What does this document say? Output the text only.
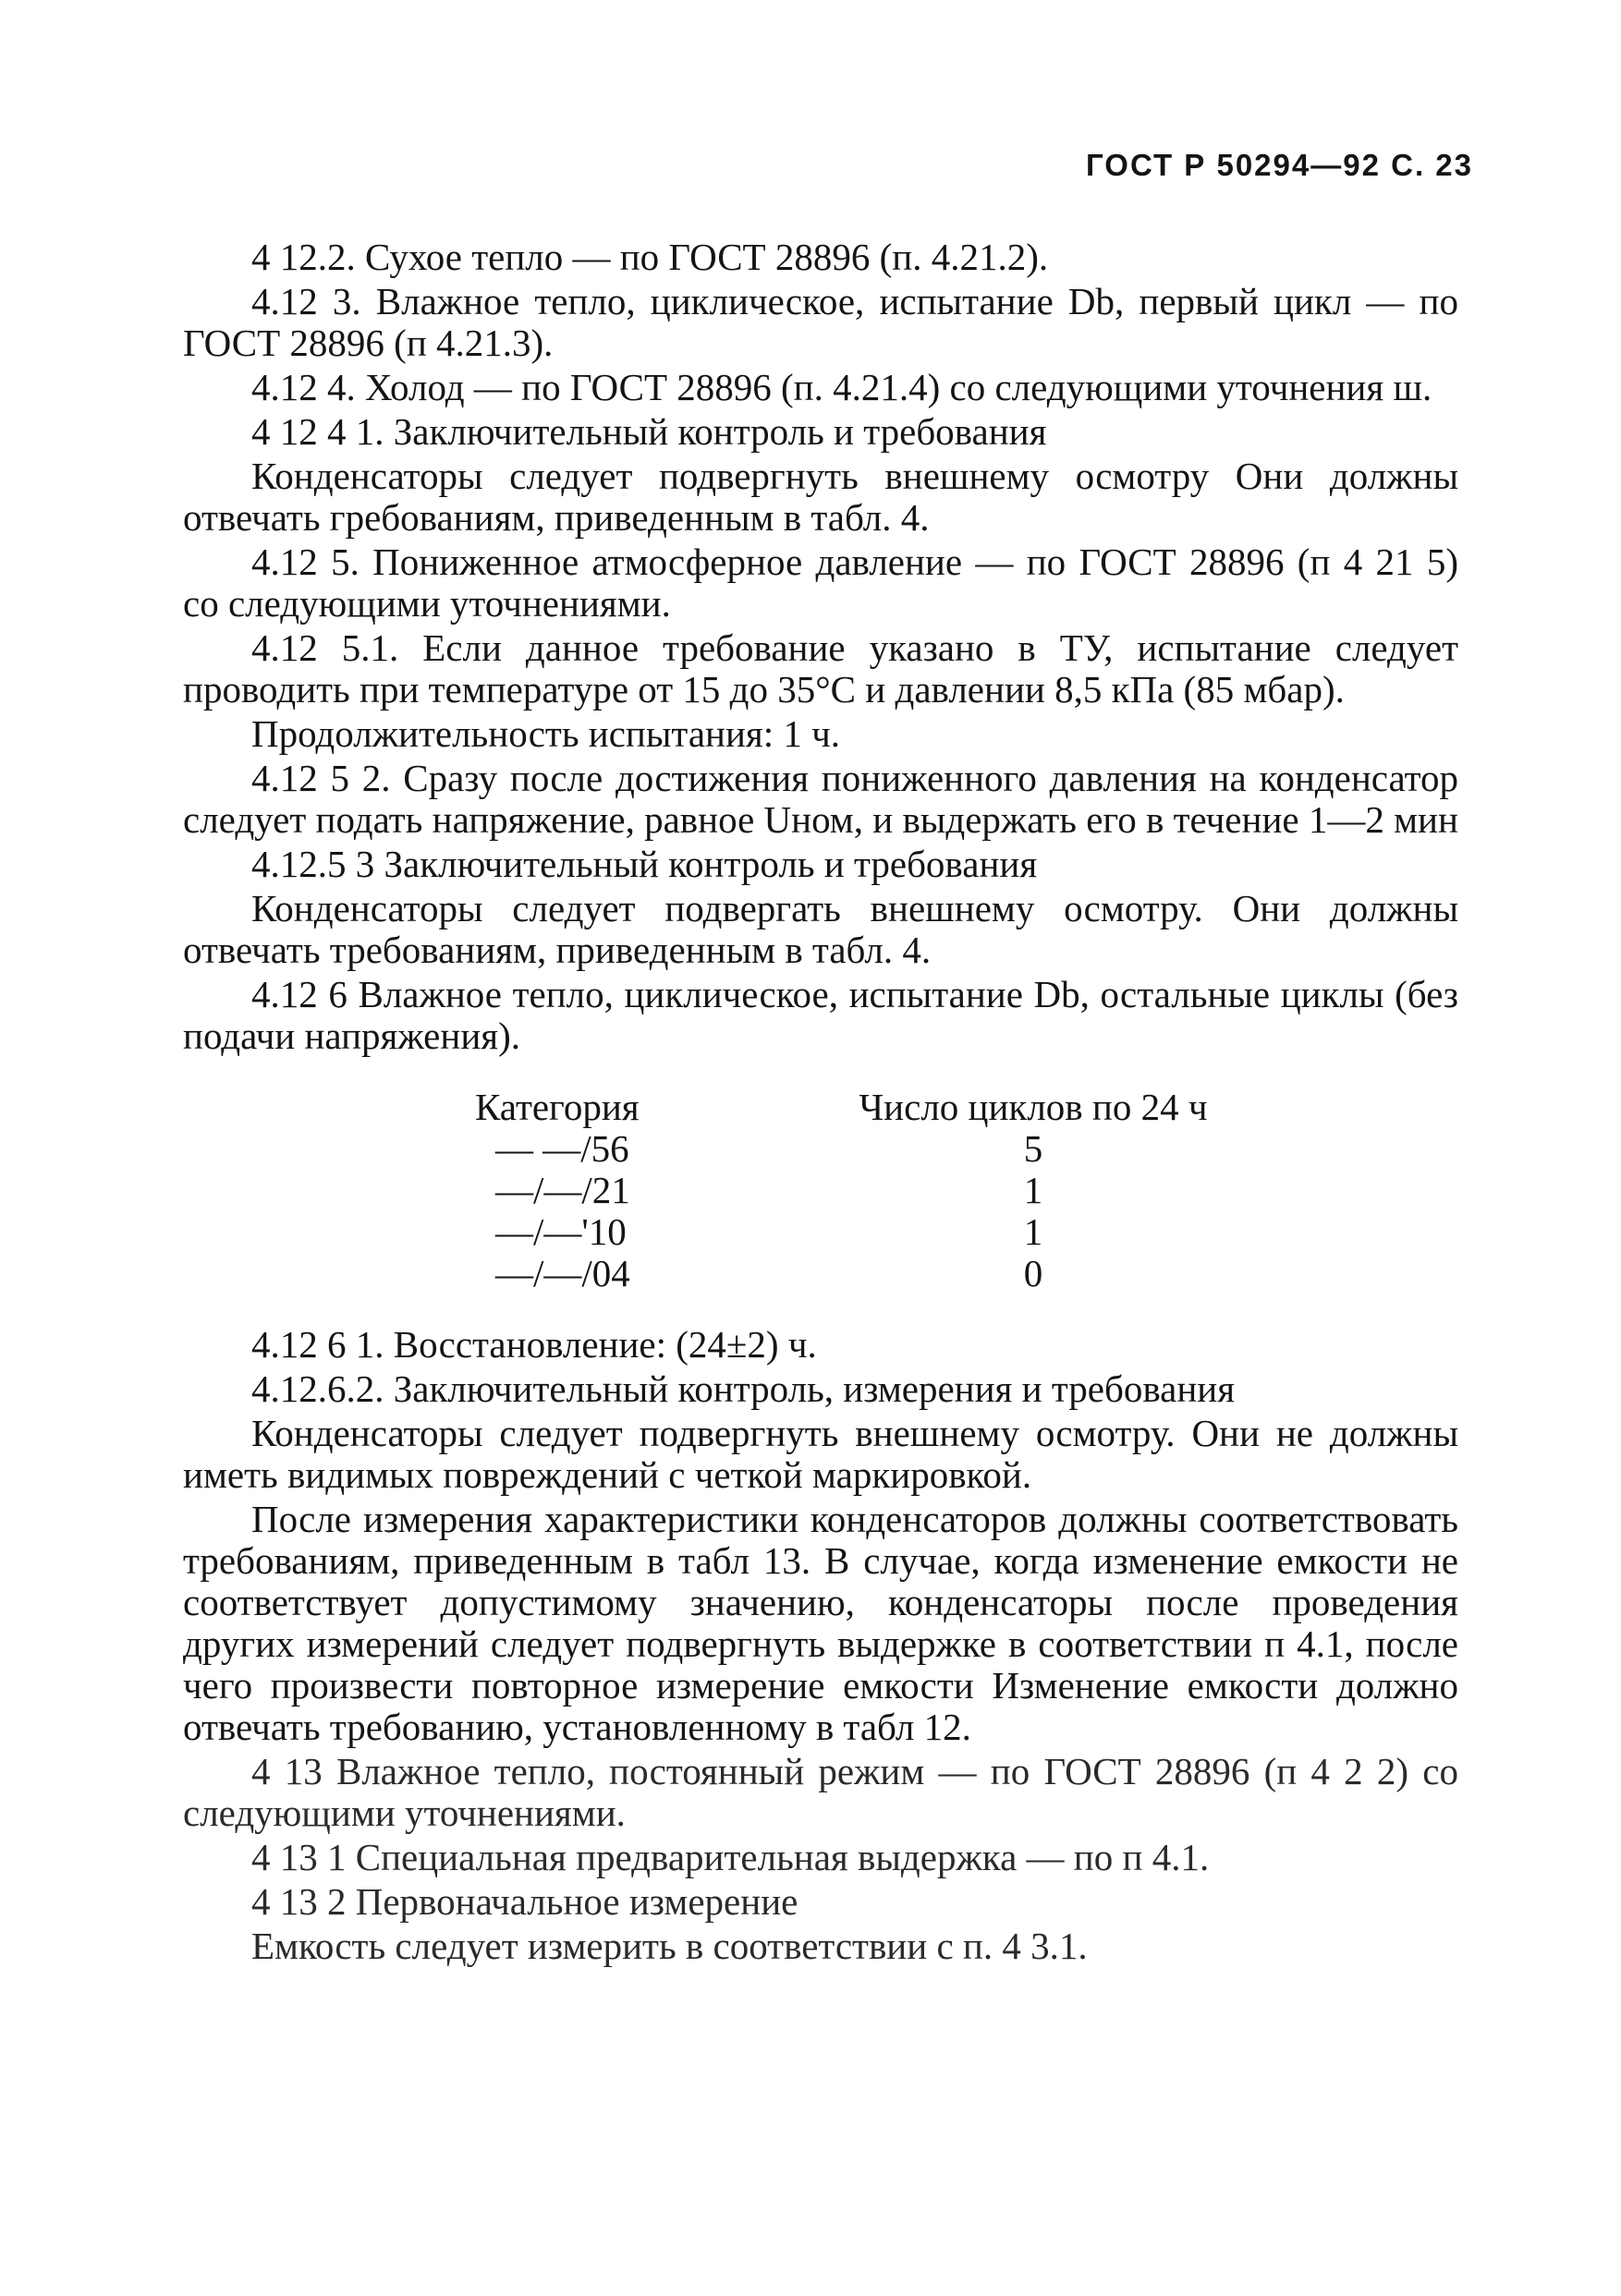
ГОСТ Р 50294—92 С. 23

4 12.2. Сухое тепло — по ГОСТ 28896 (п. 4.21.2).

4.12 3. Влажное тепло, циклическое, испытание Db, первый цикл — по ГОСТ 28896 (п 4.21.3).

4.12 4. Холод — по ГОСТ 28896 (п. 4.21.4) со следующими уточнения ш.

4 12 4 1. Заключительный контроль и требования

Конденсаторы следует подвергнуть внешнему осмотру Они должны отвечать гребованиям, приведенным в табл. 4.

4.12 5. Пониженное атмосферное давление — по ГОСТ 28896 (п 4 21 5) со следующими уточнениями.

4.12 5.1. Если данное требование указано в ТУ, испытание следует проводить при температуре от 15 до 35°С и давлении 8,5 кПа (85 мбар).

Продолжительность испытания: 1 ч.

4.12 5 2. Сразу после достижения пониженного давления на конденсатор следует подать напряжение, равное Uном, и выдержать его в течение 1—2 мин

4.12.5 3 Заключительный контроль и требования

Конденсаторы следует подвергать внешнему осмотру. Они должны отвечать требованиям, приведенным в табл. 4.

4.12 6 Влажное тепло, циклическое, испытание Db, остальные циклы (без подачи напряжения).

Категория	Число циклов по 24 ч
— —/56	5
—/—/21	1
—/—'10	1
—/—/04	0

4.12 6 1. Восстановление: (24±2) ч.

4.12.6.2. Заключительный контроль, измерения и требования

Конденсаторы следует подвергнуть внешнему осмотру. Они не должны иметь видимых повреждений с четкой маркировкой.

После измерения характеристики конденсаторов должны соответствовать требованиям, приведенным в табл 13. В случае, когда изменение емкости не соответствует допустимому значению, конденсаторы после проведения других измерений следует подвергнуть выдержке в соответствии п 4.1, после чего произвести повторное измерение емкости Изменение емкости должно отвечать требованию, установленному в табл 12.

4 13 Влажное тепло, постоянный режим — по ГОСТ 28896 (п 4 2 2) со следующими уточнениями.

4 13 1 Специальная предварительная выдержка — по п 4.1.

4 13 2 Первоначальное измерение

Емкость следует измерить в соответствии с п. 4 3.1.
